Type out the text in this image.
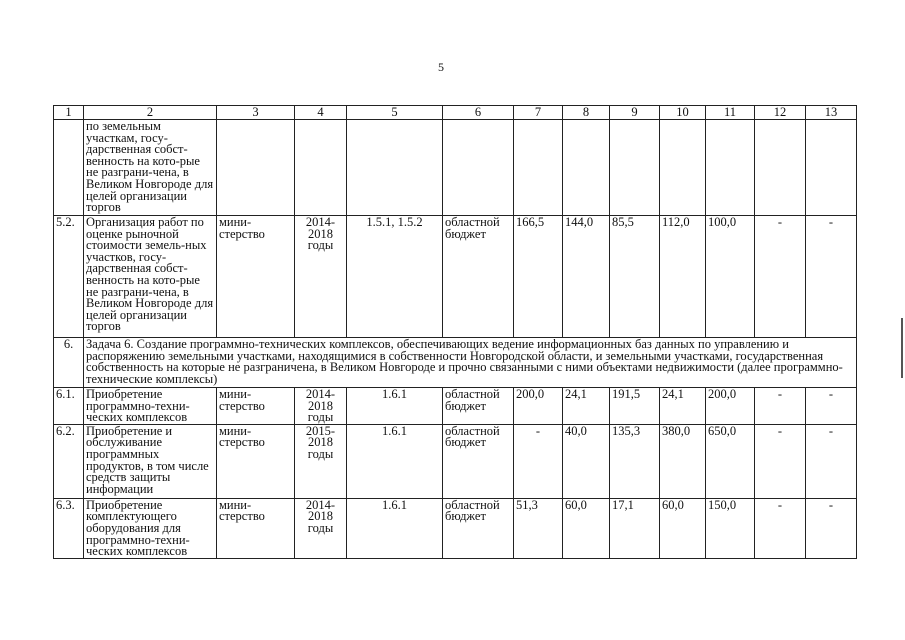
5
1	2	3	4	5	6	7	8	9	10	11	12	13
	по земельным участкам, госу-дарственная собст-венность на кото-рые не разграни-чена, в Великом Новгороде для целей организации торгов											
5.2.	Организация работ по оценке рыночной стоимости земель-ных участков, госу-дарственная собст-венность на кото-рые не разграни-чена, в Великом Новгороде для целей организации торгов	мини-стерство	2014-2018 годы	1.5.1, 1.5.2	областной бюджет	166,5	144,0	85,5	112,0	100,0	-	-
6.	Задача 6. Создание программно-технических комплексов, обеспечивающих ведение информационных баз данных по управлению и распоряжению земельными участками, находящимися в собственности Новгородской области, и земельными участками, государственная собственность на которые не разграничена, в Великом Новгороде и прочно связанными с ними объектами недвижимости (далее программно-технические комплексы)											
6.1.	Приобретение программно-техни-ческих комплексов	мини-стерство	2014-2018 годы	1.6.1	областной бюджет	200,0	24,1	191,5	24,1	200,0	-	-
6.2.	Приобретение и обслуживание программных продуктов, в том числе средств защиты информации	мини-стерство	2015-2018 годы	1.6.1	областной бюджет	-	40,0	135,3	380,0	650,0	-	-
6.3.	Приобретение комплектующего оборудования для программно-техни-ческих комплексов	мини-стерство	2014-2018 годы	1.6.1	областной бюджет	51,3	60,0	17,1	60,0	150,0	-	-
